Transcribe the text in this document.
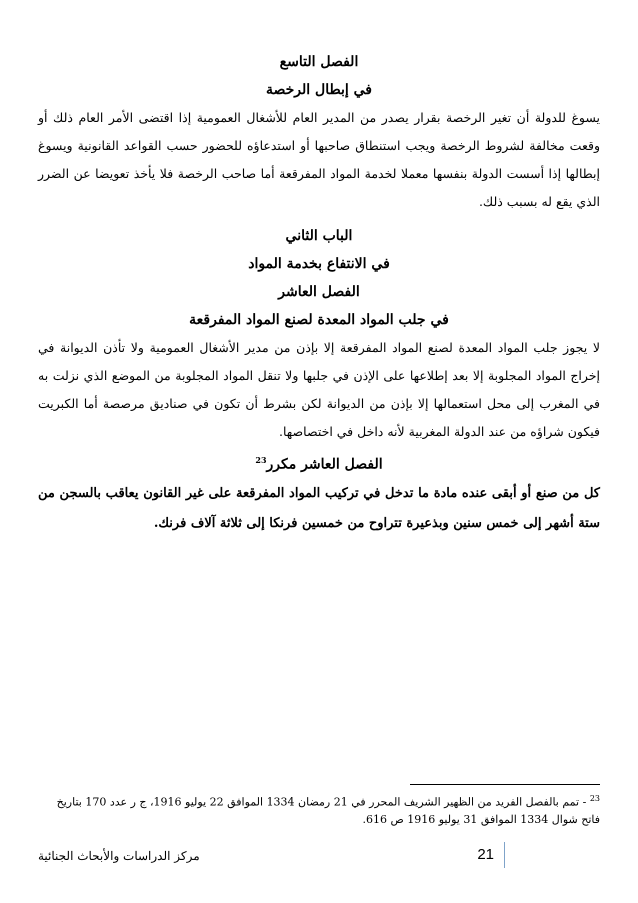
الفصل التاسع
في إبطال الرخصة

يسوغ للدولة أن تغير الرخصة بقرار يصدر من المدير العام للأشغال العمومية إذا اقتضى الأمر العام ذلك أو وقعت مخالفة لشروط الرخصة ويجب استنطاق صاحبها أو استدعاؤه للحضور حسب القواعد القانونية ويسوغ إبطالها إذا أسست الدولة بنفسها معملا لخدمة المواد المفرقعة أما صاحب الرخصة فلا يأخذ تعويضا عن الضرر الذي يقع له بسبب ذلك.

الباب الثاني
في الانتفاع بخدمة المواد
الفصل العاشر
في جلب المواد المعدة لصنع المواد المفرقعة

لا يجوز جلب المواد المعدة لصنع المواد المفرقعة إلا بإذن من مدير الأشغال العمومية ولا تأذن الديوانة في إخراج المواد المجلوبة إلا بعد إطلاعها على الإذن في جلبها ولا تنقل المواد المجلوبة من الموضع الذي نزلت به في المغرب إلى محل استعمالها إلا بإذن من الديوانة لكن بشرط أن تكون في صناديق مرصصة أما الكبريت فيكون شراؤه من عند الدولة المغربية لأنه داخل في اختصاصها.

الفصل العاشر مكرر$^{23}$

كل من صنع أو أبقى عنده مادة ما تدخل في تركيب المواد المفرقعة على غير القانون يعاقب بالسجن من ستة أشهر إلى خمس سنين وبذعيرة تتراوح من خمسين فرنكا إلى ثلاثة آلاف فرنك.

$^{23}$ - تمم بالفصل الفريد من الظهير الشريف المحرر في 21 رمضان 1334 الموافق 22 يوليو 1916، ج ر عدد 170 بتاريخ فاتح شوال 1334 الموافق 31 يوليو 1916 ص 616.
21
مركز الدراسات والأبحاث الجنائية
